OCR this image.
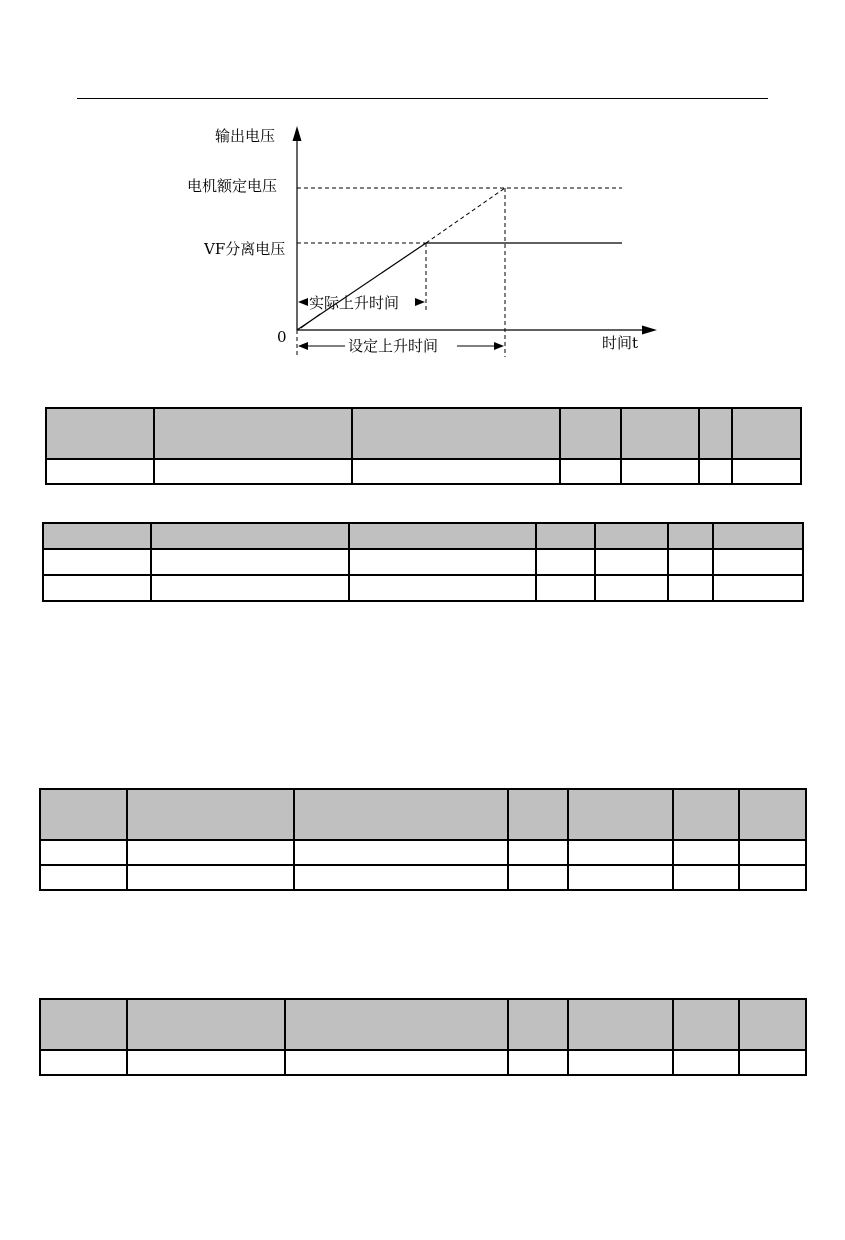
输出电压
电机额定电压
VF分离电压
0
实际上升时间
设定上升时间	时间t
